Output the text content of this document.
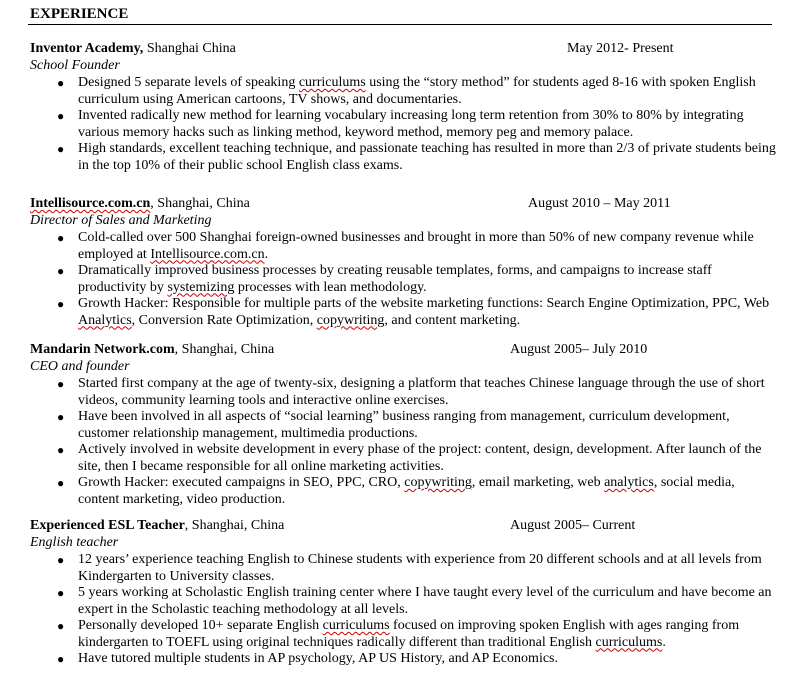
EXPERIENCE
Inventor Academy, Shanghai China	May 2012- Present
School Founder
● Designed 5 separate levels of speaking curriculums using the “story method” for students aged 8-16 with spoken English curriculum using American cartoons, TV shows, and documentaries.
● Invented radically new method for learning vocabulary increasing long term retention from 30% to 80% by integrating various memory hacks such as linking method, keyword method, memory peg and memory palace.
● High standards, excellent teaching technique, and passionate teaching has resulted in more than 2/3 of private students being in the top 10% of their public school English class exams.
Intellisource.com.cn, Shanghai, China	August 2010 – May 2011
Director of Sales and Marketing
● Cold-called over 500 Shanghai foreign-owned businesses and brought in more than 50% of new company revenue while employed at Intellisource.com.cn.
● Dramatically improved business processes by creating reusable templates, forms, and campaigns to increase staff productivity by systemizing processes with lean methodology.
● Growth Hacker: Responsible for multiple parts of the website marketing functions: Search Engine Optimization, PPC, Web Analytics, Conversion Rate Optimization, copywriting, and content marketing.
Mandarin Network.com, Shanghai, China	August 2005– July 2010
CEO and founder
● Started first company at the age of twenty-six, designing a platform that teaches Chinese language through the use of short videos, community learning tools and interactive online exercises.
● Have been involved in all aspects of “social learning” business ranging from management, curriculum development, customer relationship management, multimedia productions.
● Actively involved in website development in every phase of the project: content, design, development. After launch of the site, then I became responsible for all online marketing activities.
● Growth Hacker: executed campaigns in SEO, PPC, CRO, copywriting, email marketing, web analytics, social media, content marketing, video production.
Experienced ESL Teacher, Shanghai, China	August 2005– Current
English teacher
● 12 years’ experience teaching English to Chinese students with experience from 20 different schools and at all levels from Kindergarten to University classes.
● 5 years working at Scholastic English training center where I have taught every level of the curriculum and have become an expert in the Scholastic teaching methodology at all levels.
● Personally developed 10+ separate English curriculums focused on improving spoken English with ages ranging from kindergarten to TOEFL using original techniques radically different than traditional English curriculums.
● Have tutored multiple students in AP psychology, AP US History, and AP Economics.
